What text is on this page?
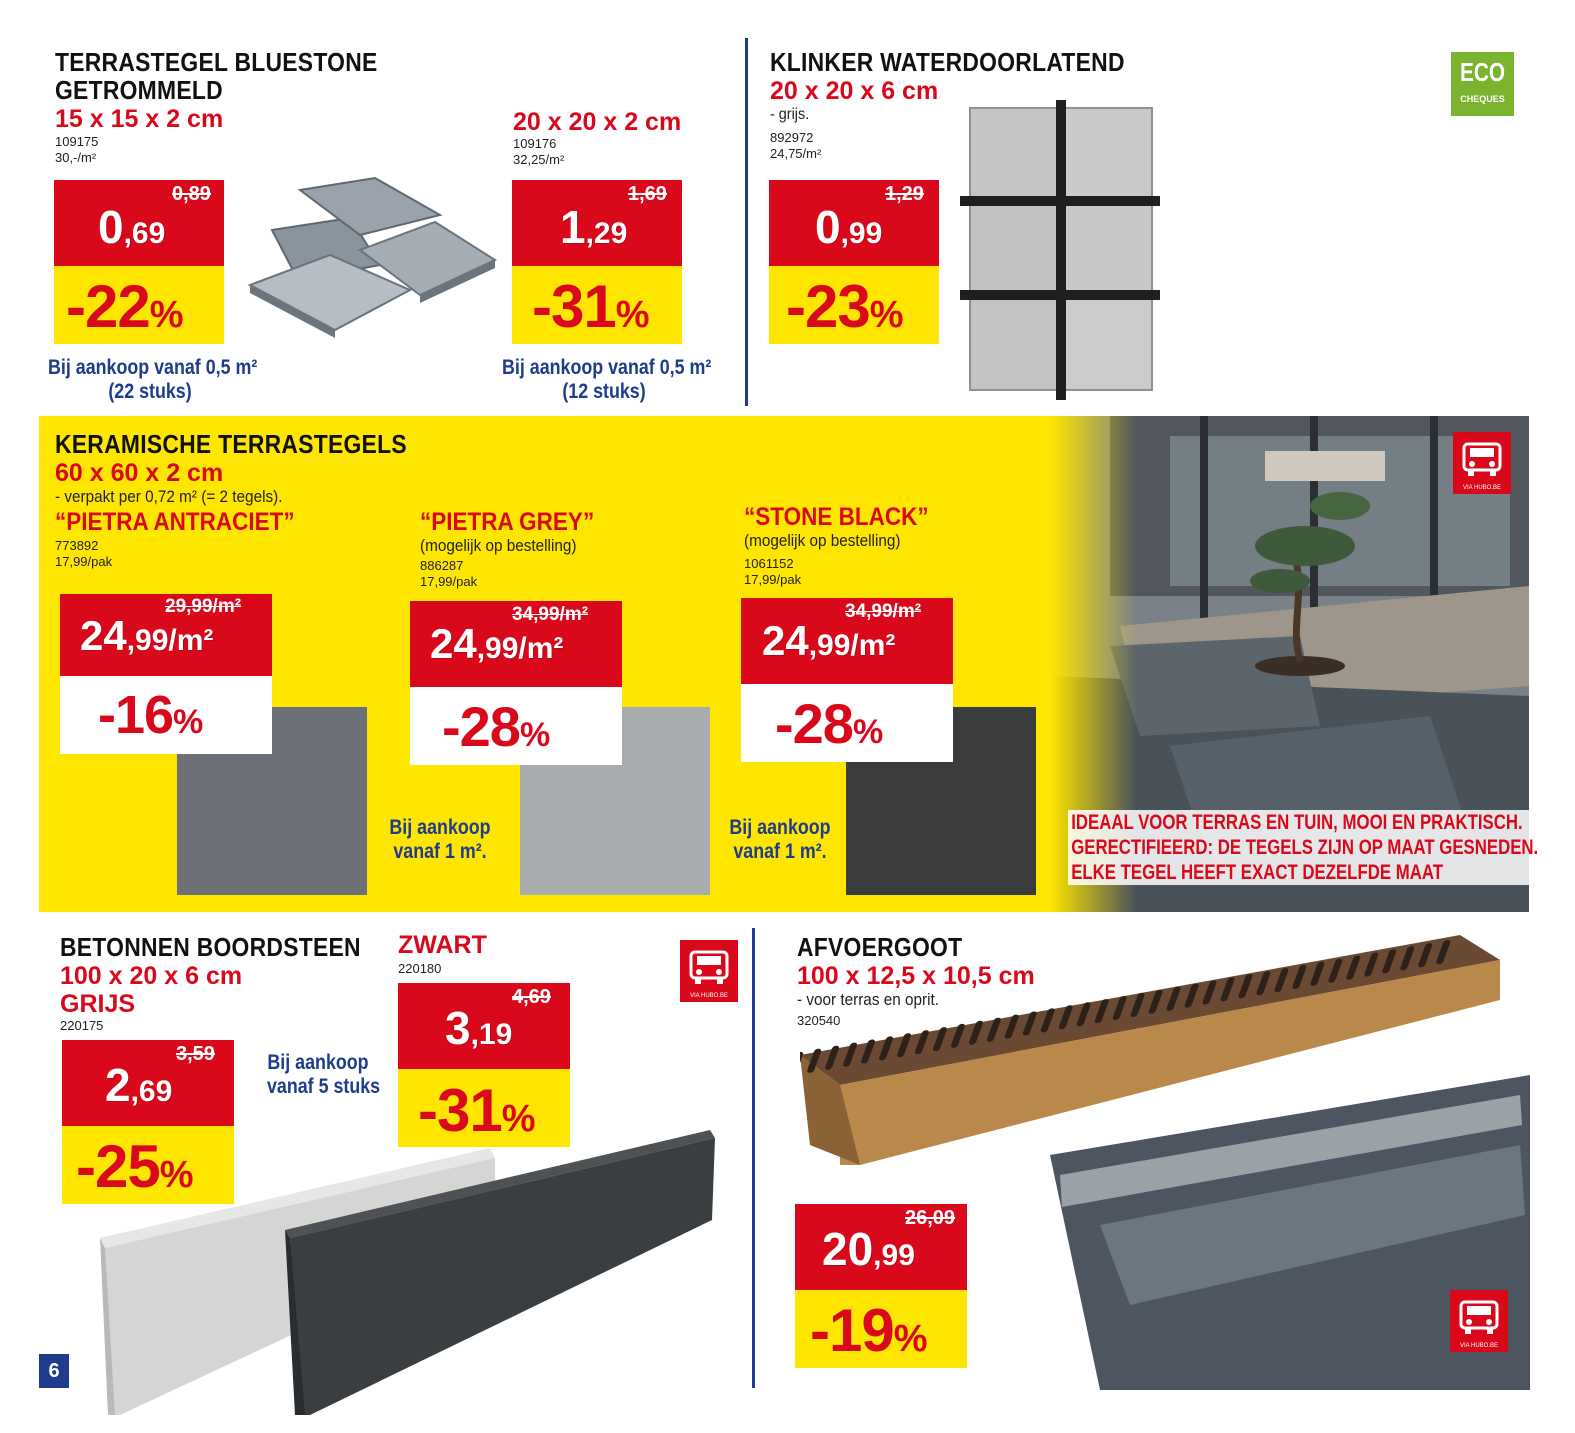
TERRASTEGEL BLUESTONE
GETROMMELD
15 x 15 x 2 cm
109175
30,-/m²
0,89
0,69
-22%
20 x 20 x 2 cm
109176
32,25/m²
1,69
1,29
-31%
Bij aankoop vanaf 0,5 m²
(22 stuks)
Bij aankoop vanaf 0,5 m²
(12 stuks)
KLINKER WATERDOORLATEND
20 x 20 x 6 cm
- grijs.
892972
24,75/m²
1,29
0,99
-23%
ECO
CHEQUES
VIA HUBO.BE
KERAMISCHE TERRASTEGELS
60 x 60 x 2 cm
- verpakt per 0,72 m² (= 2 tegels).
“PIETRA ANTRACIET”
773892
17,99/pak
“PIETRA GREY”
(mogelijk op bestelling)
886287
17,99/pak
“STONE BLACK”
(mogelijk op bestelling)
1061152
17,99/pak
29,99/m²
24,99/m²
-16%
34,99/m²
24,99/m²
-28%
34,99/m²
24,99/m²
-28%
Bij aankoop
vanaf 1 m².
Bij aankoop
vanaf 1 m².
IDEAAL VOOR TERRAS EN TUIN, MOOI EN PRAKTISCH.
GERECTIFIEERD: DE TEGELS ZIJN OP MAAT GESNEDEN.
ELKE TEGEL HEEFT EXACT DEZELFDE MAAT
BETONNEN BOORDSTEEN
100 x 20 x 6 cm
GRIJS
220175
ZWART
220180
VIA HUBO.BE
3,59
2,69
-25%
Bij aankoop
vanaf 5 stuks
4,69
3,19
-31%
6
AFVOERGOOT
100 x 12,5 x 10,5 cm
- voor terras en oprit.
320540
VIA HUBO.BE
26,09
20,99
-19%
